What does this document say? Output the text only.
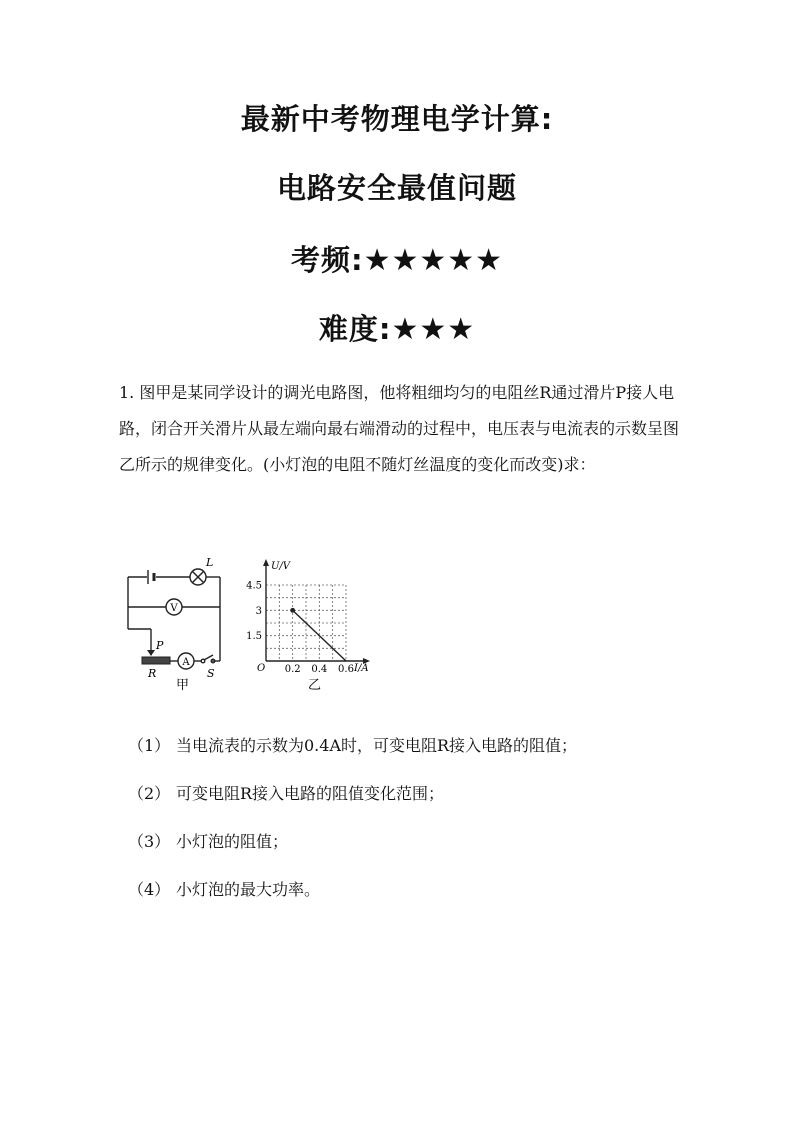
最新中考物理电学计算:
电路安全最值问题
考频:★★★★★
难度:★★★

1. 图甲是某同学设计的调光电路图，他将粗细均匀的电阻丝R通过滑片P接人电路，闭合开关滑片从最左端向最右端滑动的过程中，电压表与电流表的示数呈图乙所示的规律变化。(小灯泡的电阻不随灯丝温度的变化而改变)求：

L
V
P
R
A
S
甲
U/V
I/A
O 0.2 0.4 0.6
4.5
3
1.5
乙

（1） 当电流表的示数为0.4A时，可变电阻R接入电路的阻值；

（2） 可变电阻R接入电路的阻值变化范围；

（3） 小灯泡的阻值；

（4） 小灯泡的最大功率。
